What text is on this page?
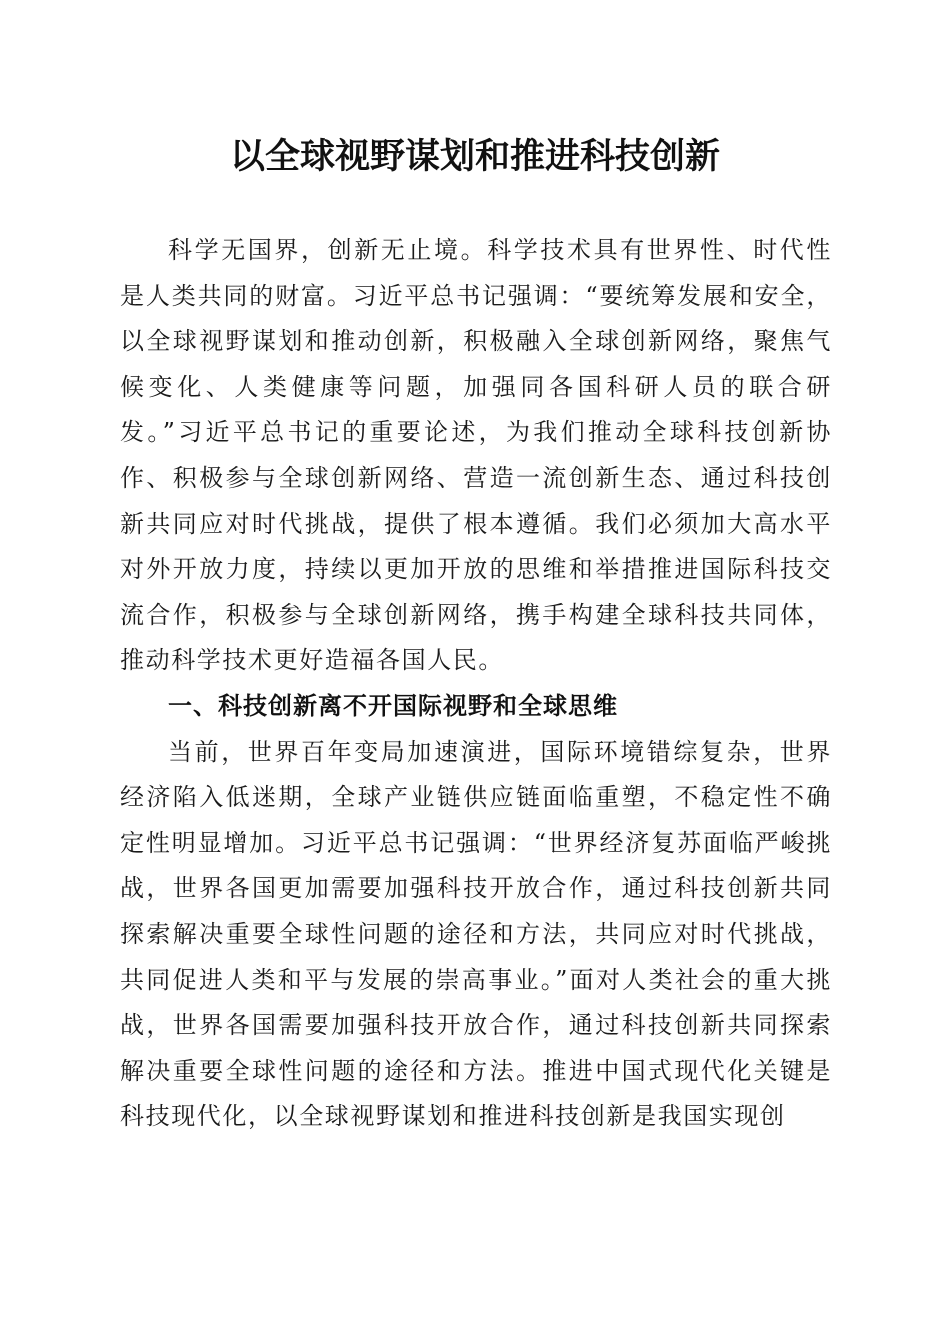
以全球视野谋划和推进科技创新

科学无国界，创新无止境。科学技术具有世界性、时代性是人类共同的财富。习近平总书记强调：“要统筹发展和安全，以全球视野谋划和推动创新，积极融入全球创新网络，聚焦气候变化、人类健康等问题，加强同各国科研人员的联合研发。”习近平总书记的重要论述，为我们推动全球科技创新协作、积极参与全球创新网络、营造一流创新生态、通过科技创新共同应对时代挑战，提供了根本遵循。我们必须加大高水平对外开放力度，持续以更加开放的思维和举措推进国际科技交流合作，积极参与全球创新网络，携手构建全球科技共同体，推动科学技术更好造福各国人民。

一、科技创新离不开国际视野和全球思维

当前，世界百年变局加速演进，国际环境错综复杂，世界经济陷入低迷期，全球产业链供应链面临重塑，不稳定性不确定性明显增加。习近平总书记强调：“世界经济复苏面临严峻挑战，世界各国更加需要加强科技开放合作，通过科技创新共同探索解决重要全球性问题的途径和方法，共同应对时代挑战，共同促进人类和平与发展的崇高事业。”面对人类社会的重大挑战，世界各国需要加强科技开放合作，通过科技创新共同探索解决重要全球性问题的途径和方法。推进中国式现代化关键是科技现代化，以全球视野谋划和推进科技创新是我国实现创
